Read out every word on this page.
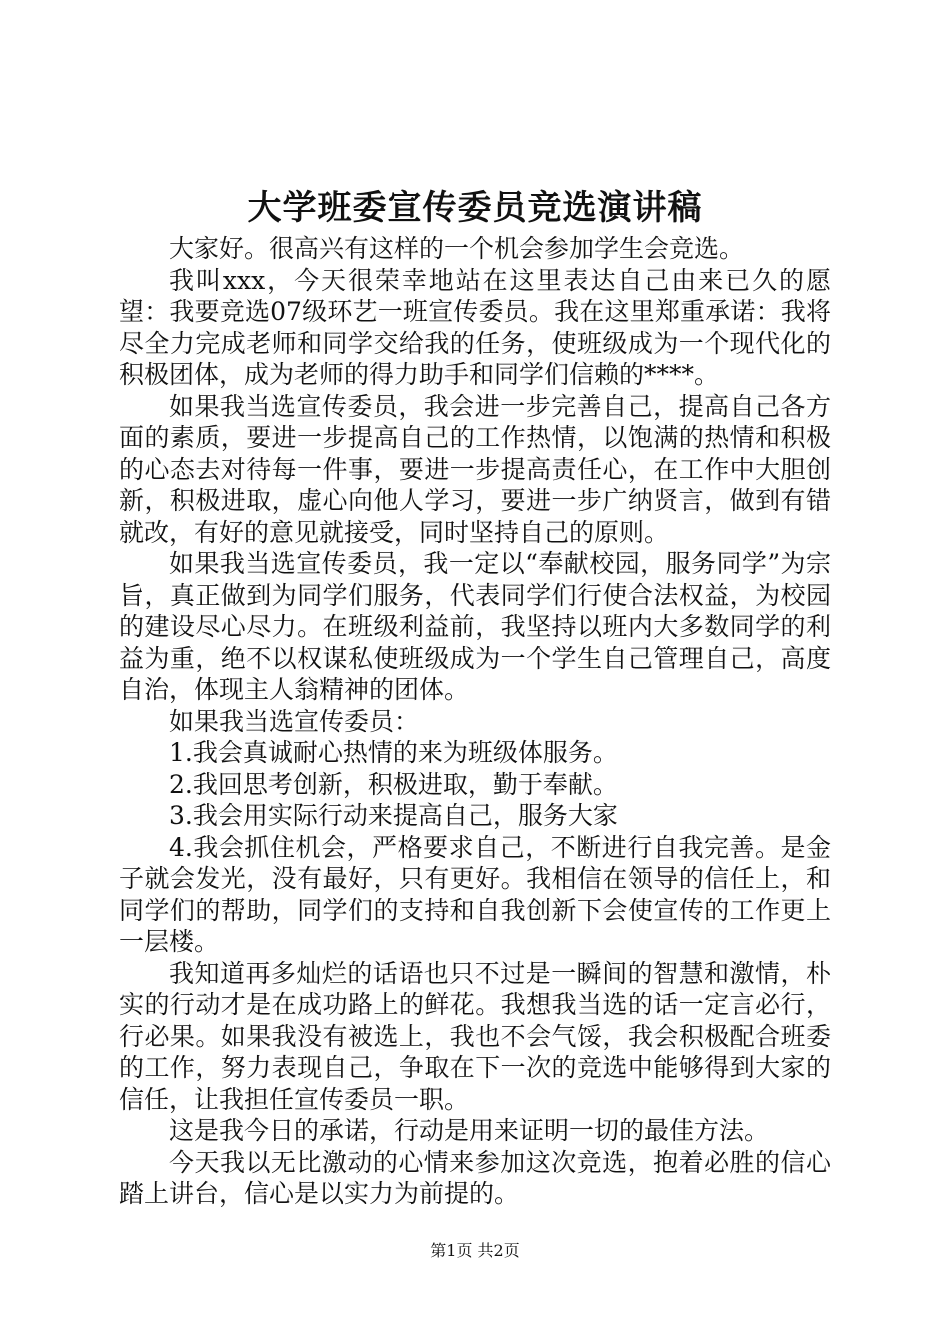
大学班委宣传委员竞选演讲稿

大家好。很高兴有这样的一个机会参加学生会竞选。

我叫xxx，今天很荣幸地站在这里表达自己由来已久的愿望：我要竞选07级环艺一班宣传委员。我在这里郑重承诺：我将尽全力完成老师和同学交给我的任务，使班级成为一个现代化的积极团体，成为老师的得力助手和同学们信赖的****。

如果我当选宣传委员，我会进一步完善自己，提高自己各方面的素质，要进一步提高自己的工作热情，以饱满的热情和积极的心态去对待每一件事，要进一步提高责任心，在工作中大胆创新，积极进取，虚心向他人学习，要进一步广纳贤言，做到有错就改，有好的意见就接受，同时坚持自己的原则。

如果我当选宣传委员，我一定以“奉献校园，服务同学”为宗旨，真正做到为同学们服务，代表同学们行使合法权益，为校园的建设尽心尽力。在班级利益前，我坚持以班内大多数同学的利益为重，绝不以权谋私使班级成为一个学生自己管理自己，高度自治，体现主人翁精神的团体。

如果我当选宣传委员：

1.我会真诚耐心热情的来为班级体服务。

2.我回思考创新，积极进取，勤于奉献。

3.我会用实际行动来提高自己，服务大家

4.我会抓住机会，严格要求自己，不断进行自我完善。是金子就会发光，没有最好，只有更好。我相信在领导的信任上，和同学们的帮助，同学们的支持和自我创新下会使宣传的工作更上一层楼。

我知道再多灿烂的话语也只不过是一瞬间的智慧和激情，朴实的行动才是在成功路上的鲜花。我想我当选的话一定言必行，行必果。如果我没有被选上，我也不会气馁，我会积极配合班委的工作，努力表现自己，争取在下一次的竞选中能够得到大家的信任，让我担任宣传委员一职。

这是我今日的承诺，行动是用来证明一切的最佳方法。

今天我以无比激动的心情来参加这次竞选，抱着必胜的信心踏上讲台，信心是以实力为前提的。

第1页 共2页
